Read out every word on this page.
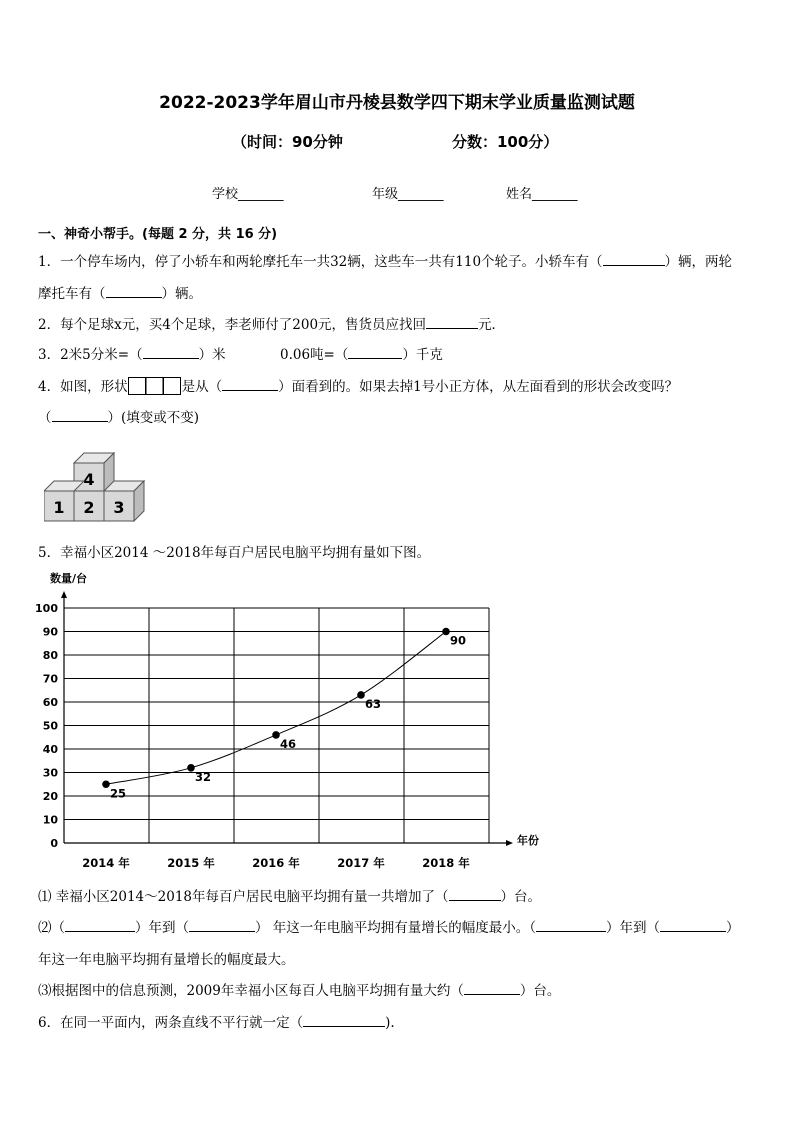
2022-2023学年眉山市丹棱县数学四下期末学业质量监测试题
（时间：90分钟	分数：100分）
学校_______	年级_______	姓名_______
一、神奇小帮手。(每题 2 分，共 16 分)
1．一个停车场内，停了小轿车和两轮摩托车一共32辆，这些车一共有110个轮子。小轿车有（	）辆，两轮
摩托车有（	）辆。
2．每个足球x元，买4个足球，李老师付了200元，售货员应找回	元．
3．2米5分米=（	）米	0.06吨=（	）千克
4．如图，形状	是从（	）面看到的。如果去掉1号小正方体，从左面看到的形状会改变吗？
（	）(填变或不变)
4
1 2 3
5．幸福小区2014 ～2018年每百户居民电脑平均拥有量如下图。
数量/台
年份
0
10
20
30
40
50
60
70
80
90
100
2014 年	2015 年	2016 年	2017 年	2018 年
25
32
46
63
90
⑴ 幸福小区2014～2018年每百户居民电脑平均拥有量一共增加了（	）台。
⑵（	）年到（	） 年这一年电脑平均拥有量增长的幅度最小。（	）年到（	）
年这一年电脑平均拥有量增长的幅度最大。
⑶根据图中的信息预测，2009年幸福小区每百人电脑平均拥有量大约（	）台。
6．在同一平面内，两条直线不平行就一定（	).
